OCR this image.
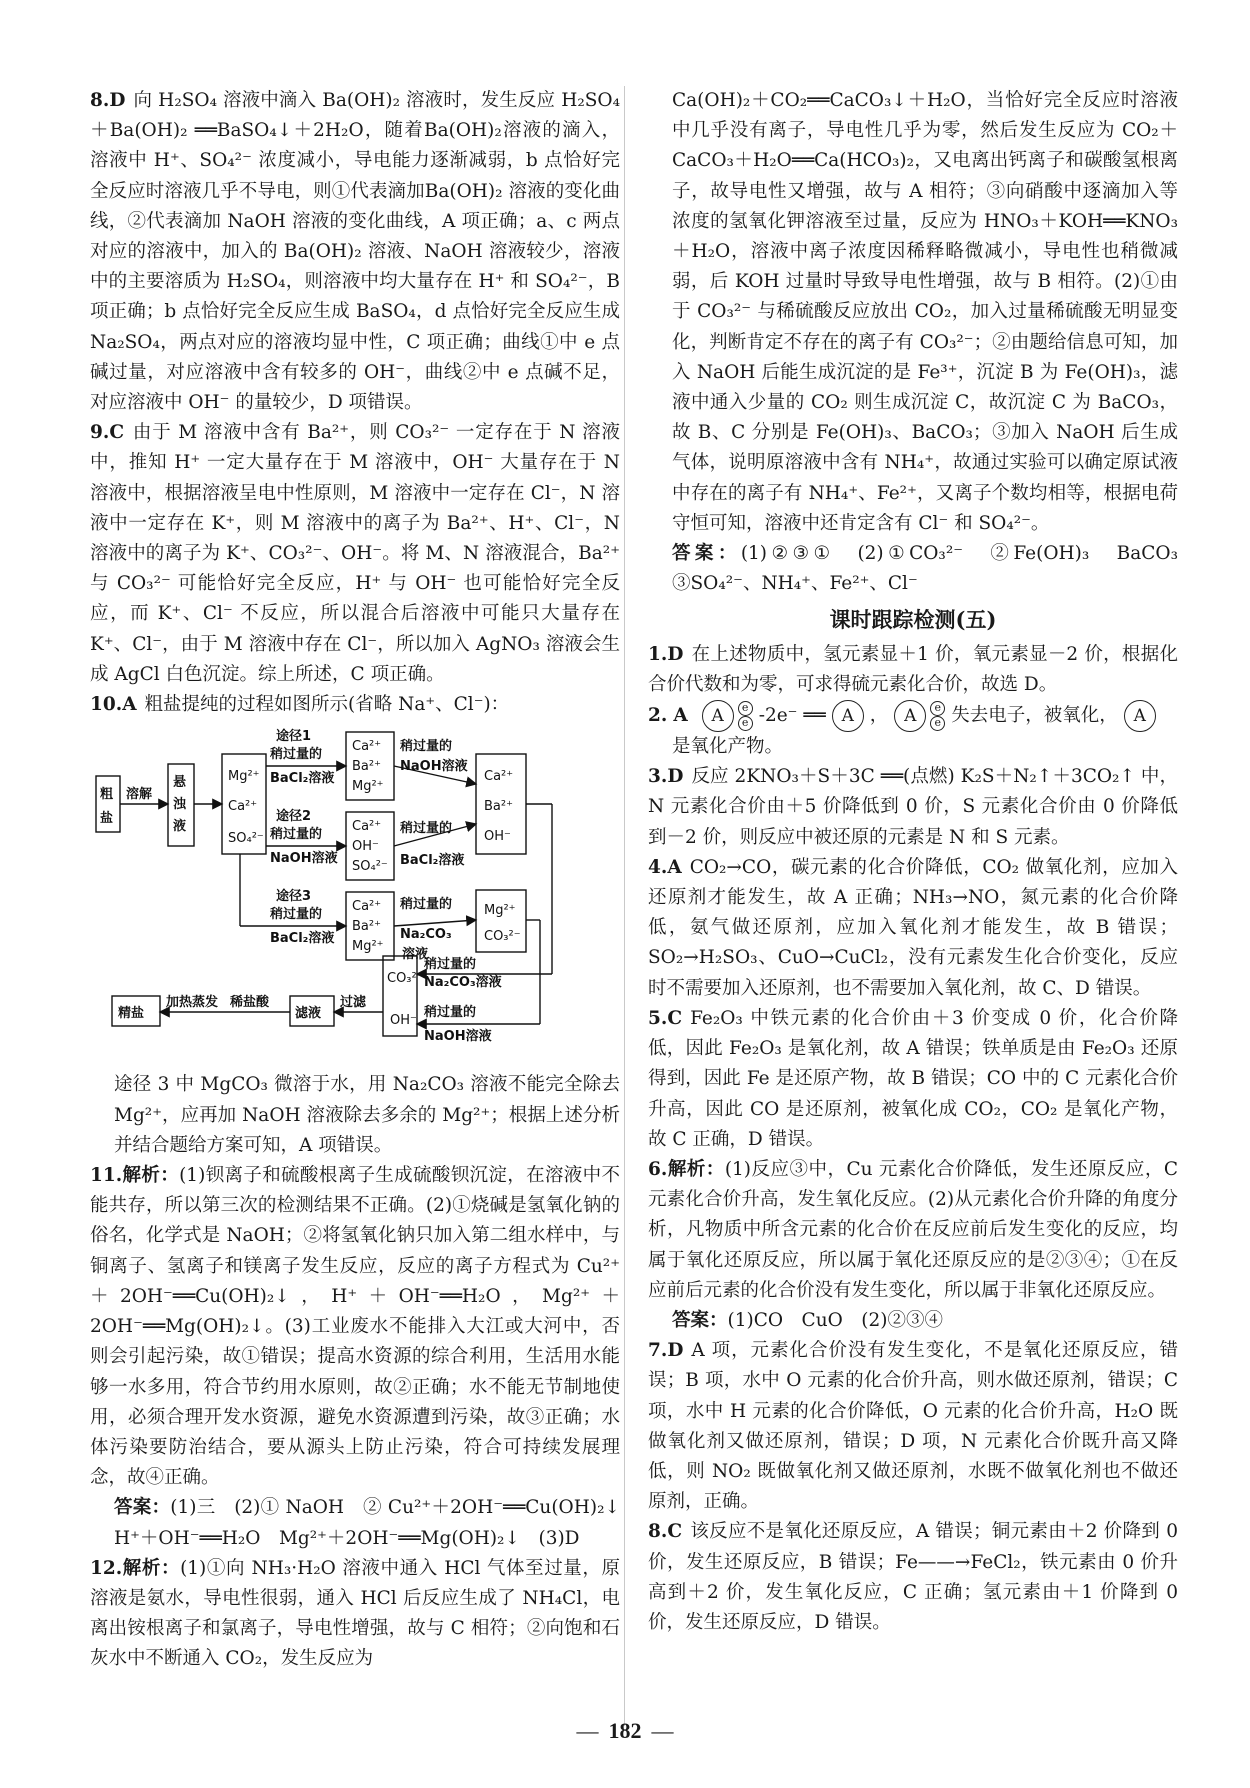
8.D 向 H₂SO₄ 溶液中滴入 Ba(OH)₂ 溶液时，发生反应 H₂SO₄＋Ba(OH)₂ ══BaSO₄↓＋2H₂O，随着Ba(OH)₂溶液的滴入，溶液中 H⁺、SO₄²⁻ 浓度减小，导电能力逐渐减弱，b 点恰好完全反应时溶液几乎不导电，则①代表滴加Ba(OH)₂ 溶液的变化曲线，②代表滴加 NaOH 溶液的变化曲线，A 项正确；a、c 两点对应的溶液中，加入的 Ba(OH)₂ 溶液、NaOH 溶液较少，溶液中的主要溶质为 H₂SO₄，则溶液中均大量存在 H⁺ 和 SO₄²⁻，B 项正确；b 点恰好完全反应生成 BaSO₄，d 点恰好完全反应生成 Na₂SO₄，两点对应的溶液均显中性，C 项正确；曲线①中 e 点碱过量，对应溶液中含有较多的 OH⁻，曲线②中 e 点碱不足，对应溶液中 OH⁻ 的量较少，D 项错误。

9.C 由于 M 溶液中含有 Ba²⁺，则 CO₃²⁻ 一定存在于 N 溶液中，推知 H⁺ 一定大量存在于 M 溶液中，OH⁻ 大量存在于 N 溶液中，根据溶液呈电中性原则，M 溶液中一定存在 Cl⁻，N 溶液中一定存在 K⁺，则 M 溶液中的离子为 Ba²⁺、H⁺、Cl⁻，N 溶液中的离子为 K⁺、CO₃²⁻、OH⁻。将 M、N 溶液混合，Ba²⁺ 与 CO₃²⁻ 可能恰好完全反应，H⁺ 与 OH⁻ 也可能恰好完全反应，而 K⁺、Cl⁻ 不反应，所以混合后溶液中可能只大量存在 K⁺、Cl⁻，由于 M 溶液中存在 Cl⁻，所以加入 AgNO₃ 溶液会生成 AgCl 白色沉淀。综上所述，C 项正确。

10.A 粗盐提纯的过程如图所示(省略 Na⁺、Cl⁻)：

粗
盐
溶解
悬
浊
液
Mg²⁺
Ca²⁺
SO₄²⁻
途径1
稍过量的
BaCl₂溶液
途径2
稍过量的
NaOH溶液
途径3
稍过量的
BaCl₂溶液
Ca²⁺
Ba²⁺
Mg²⁺
Ca²⁺
OH⁻
SO₄²⁻
Ca²⁺
Ba²⁺
Mg²⁺
稍过量的
NaOH溶液
稍过量的
BaCl₂溶液
稍过量的
Na₂CO₃
溶液
Ca²⁺
Ba²⁺
OH⁻
Mg²⁺
CO₃²⁻
稍过量的
Na₂CO₃溶液
稍过量的
NaOH溶液
CO₃²⁻
OH⁻
过滤
滤液
稀盐酸
加热蒸发
精盐

途径 3 中 MgCO₃ 微溶于水，用 Na₂CO₃ 溶液不能完全除去 Mg²⁺，应再加 NaOH 溶液除去多余的 Mg²⁺；根据上述分析并结合题给方案可知，A 项错误。

11.解析：(1)钡离子和硫酸根离子生成硫酸钡沉淀，在溶液中不能共存，所以第三次的检测结果不正确。(2)①烧碱是氢氧化钠的俗名，化学式是 NaOH；②将氢氧化钠只加入第二组水样中，与铜离子、氢离子和镁离子发生反应，反应的离子方程式为 Cu²⁺＋2OH⁻══Cu(OH)₂↓，H⁺＋OH⁻══H₂O，Mg²⁺＋2OH⁻══Mg(OH)₂↓。(3)工业废水不能排入大江或大河中，否则会引起污染，故①错误；提高水资源的综合利用，生活用水能够一水多用，符合节约用水原则，故②正确；水不能无节制地使用，必须合理开发水资源，避免水资源遭到污染，故③正确；水体污染要防治结合，要从源头上防止污染，符合可持续发展理念，故④正确。

答案：(1)三　(2)① NaOH　② Cu²⁺＋2OH⁻══Cu(OH)₂↓　H⁺＋OH⁻══H₂O　Mg²⁺＋2OH⁻══Mg(OH)₂↓　(3)D

12.解析：(1)①向 NH₃·H₂O 溶液中通入 HCl 气体至过量，原溶液是氨水，导电性很弱，通入 HCl 后反应生成了 NH₄Cl，电离出铵根离子和氯离子，导电性增强，故与 C 相符；②向饱和石灰水中不断通入 CO₂，发生反应为

Ca(OH)₂＋CO₂══CaCO₃↓＋H₂O，当恰好完全反应时溶液中几乎没有离子，导电性几乎为零，然后发生反应为 CO₂＋CaCO₃＋H₂O══Ca(HCO₃)₂，又电离出钙离子和碳酸氢根离子，故导电性又增强，故与 A 相符；③向硝酸中逐滴加入等浓度的氢氧化钾溶液至过量，反应为 HNO₃＋KOH══KNO₃＋H₂O，溶液中离子浓度因稀释略微减小，导电性也稍微减弱，后 KOH 过量时导致导电性增强，故与 B 相符。(2)①由于 CO₃²⁻ 与稀硫酸反应放出 CO₂，加入过量稀硫酸无明显变化，判断肯定不存在的离子有 CO₃²⁻；②由题给信息可知，加入 NaOH 后能生成沉淀的是 Fe³⁺，沉淀 B 为 Fe(OH)₃，滤液中通入少量的 CO₂ 则生成沉淀 C，故沉淀 C 为 BaCO₃，故 B、C 分别是 Fe(OH)₃、BaCO₃；③加入 NaOH 后生成气体，说明原溶液中含有 NH₄⁺，故通过实验可以确定原试液中存在的离子有 NH₄⁺、Fe²⁺，又离子个数均相等，根据电荷守恒可知，溶液中还肯定含有 Cl⁻ 和 SO₄²⁻。

答案：(1)②③①　(2)①CO₃²⁻　②Fe(OH)₃　BaCO₃　③SO₄²⁻、NH₄⁺、Fe²⁺、Cl⁻

课时跟踪检测(五)

1.D 在上述物质中，氢元素显＋1 价，氧元素显－2 价，根据化合价代数和为零，可求得硫元素化合价，故选 D。

2. A	A	e
e -2e⁻ ══ A ， A	e
e 失去电子，被氧化， A

是氧化产物。

3.D 反应 2KNO₃＋S＋3C ══(点燃) K₂S＋N₂↑＋3CO₂↑ 中，N 元素化合价由＋5 价降低到 0 价，S 元素化合价由 0 价降低到－2 价，则反应中被还原的元素是 N 和 S 元素。

4.A CO₂→CO，碳元素的化合价降低，CO₂ 做氧化剂，应加入还原剂才能发生，故 A 正确；NH₃→NO，氮元素的化合价降低，氨气做还原剂，应加入氧化剂才能发生，故 B 错误；SO₂→H₂SO₃、CuO→CuCl₂，没有元素发生化合价变化，反应时不需要加入还原剂，也不需要加入氧化剂，故 C、D 错误。

5.C Fe₂O₃ 中铁元素的化合价由＋3 价变成 0 价，化合价降低，因此 Fe₂O₃ 是氧化剂，故 A 错误；铁单质是由 Fe₂O₃ 还原得到，因此 Fe 是还原产物，故 B 错误；CO 中的 C 元素化合价升高，因此 CO 是还原剂，被氧化成 CO₂，CO₂ 是氧化产物，故 C 正确，D 错误。

6.解析：(1)反应③中，Cu 元素化合价降低，发生还原反应，C 元素化合价升高，发生氧化反应。(2)从元素化合价升降的角度分析，凡物质中所含元素的化合价在反应前后发生变化的反应，均属于氧化还原反应，所以属于氧化还原反应的是②③④；①在反应前后元素的化合价没有发生变化，所以属于非氧化还原反应。

答案：(1)CO　CuO　(2)②③④

7.D A 项，元素化合价没有发生变化，不是氧化还原反应，错误；B 项，水中 O 元素的化合价升高，则水做还原剂，错误；C 项，水中 H 元素的化合价降低，O 元素的化合价升高，H₂O 既做氧化剂又做还原剂，错误；D 项，N 元素化合价既升高又降低，则 NO₂ 既做氧化剂又做还原剂，水既不做氧化剂也不做还原剂，正确。

8.C 该反应不是氧化还原反应，A 错误；铜元素由＋2 价降到 0 价，发生还原反应，B 错误；Fe——→FeCl₂，铁元素由 0 价升高到＋2 价，发生氧化反应，C 正确；氢元素由＋1 价降到 0 价，发生还原反应，D 错误。

— 182 —
